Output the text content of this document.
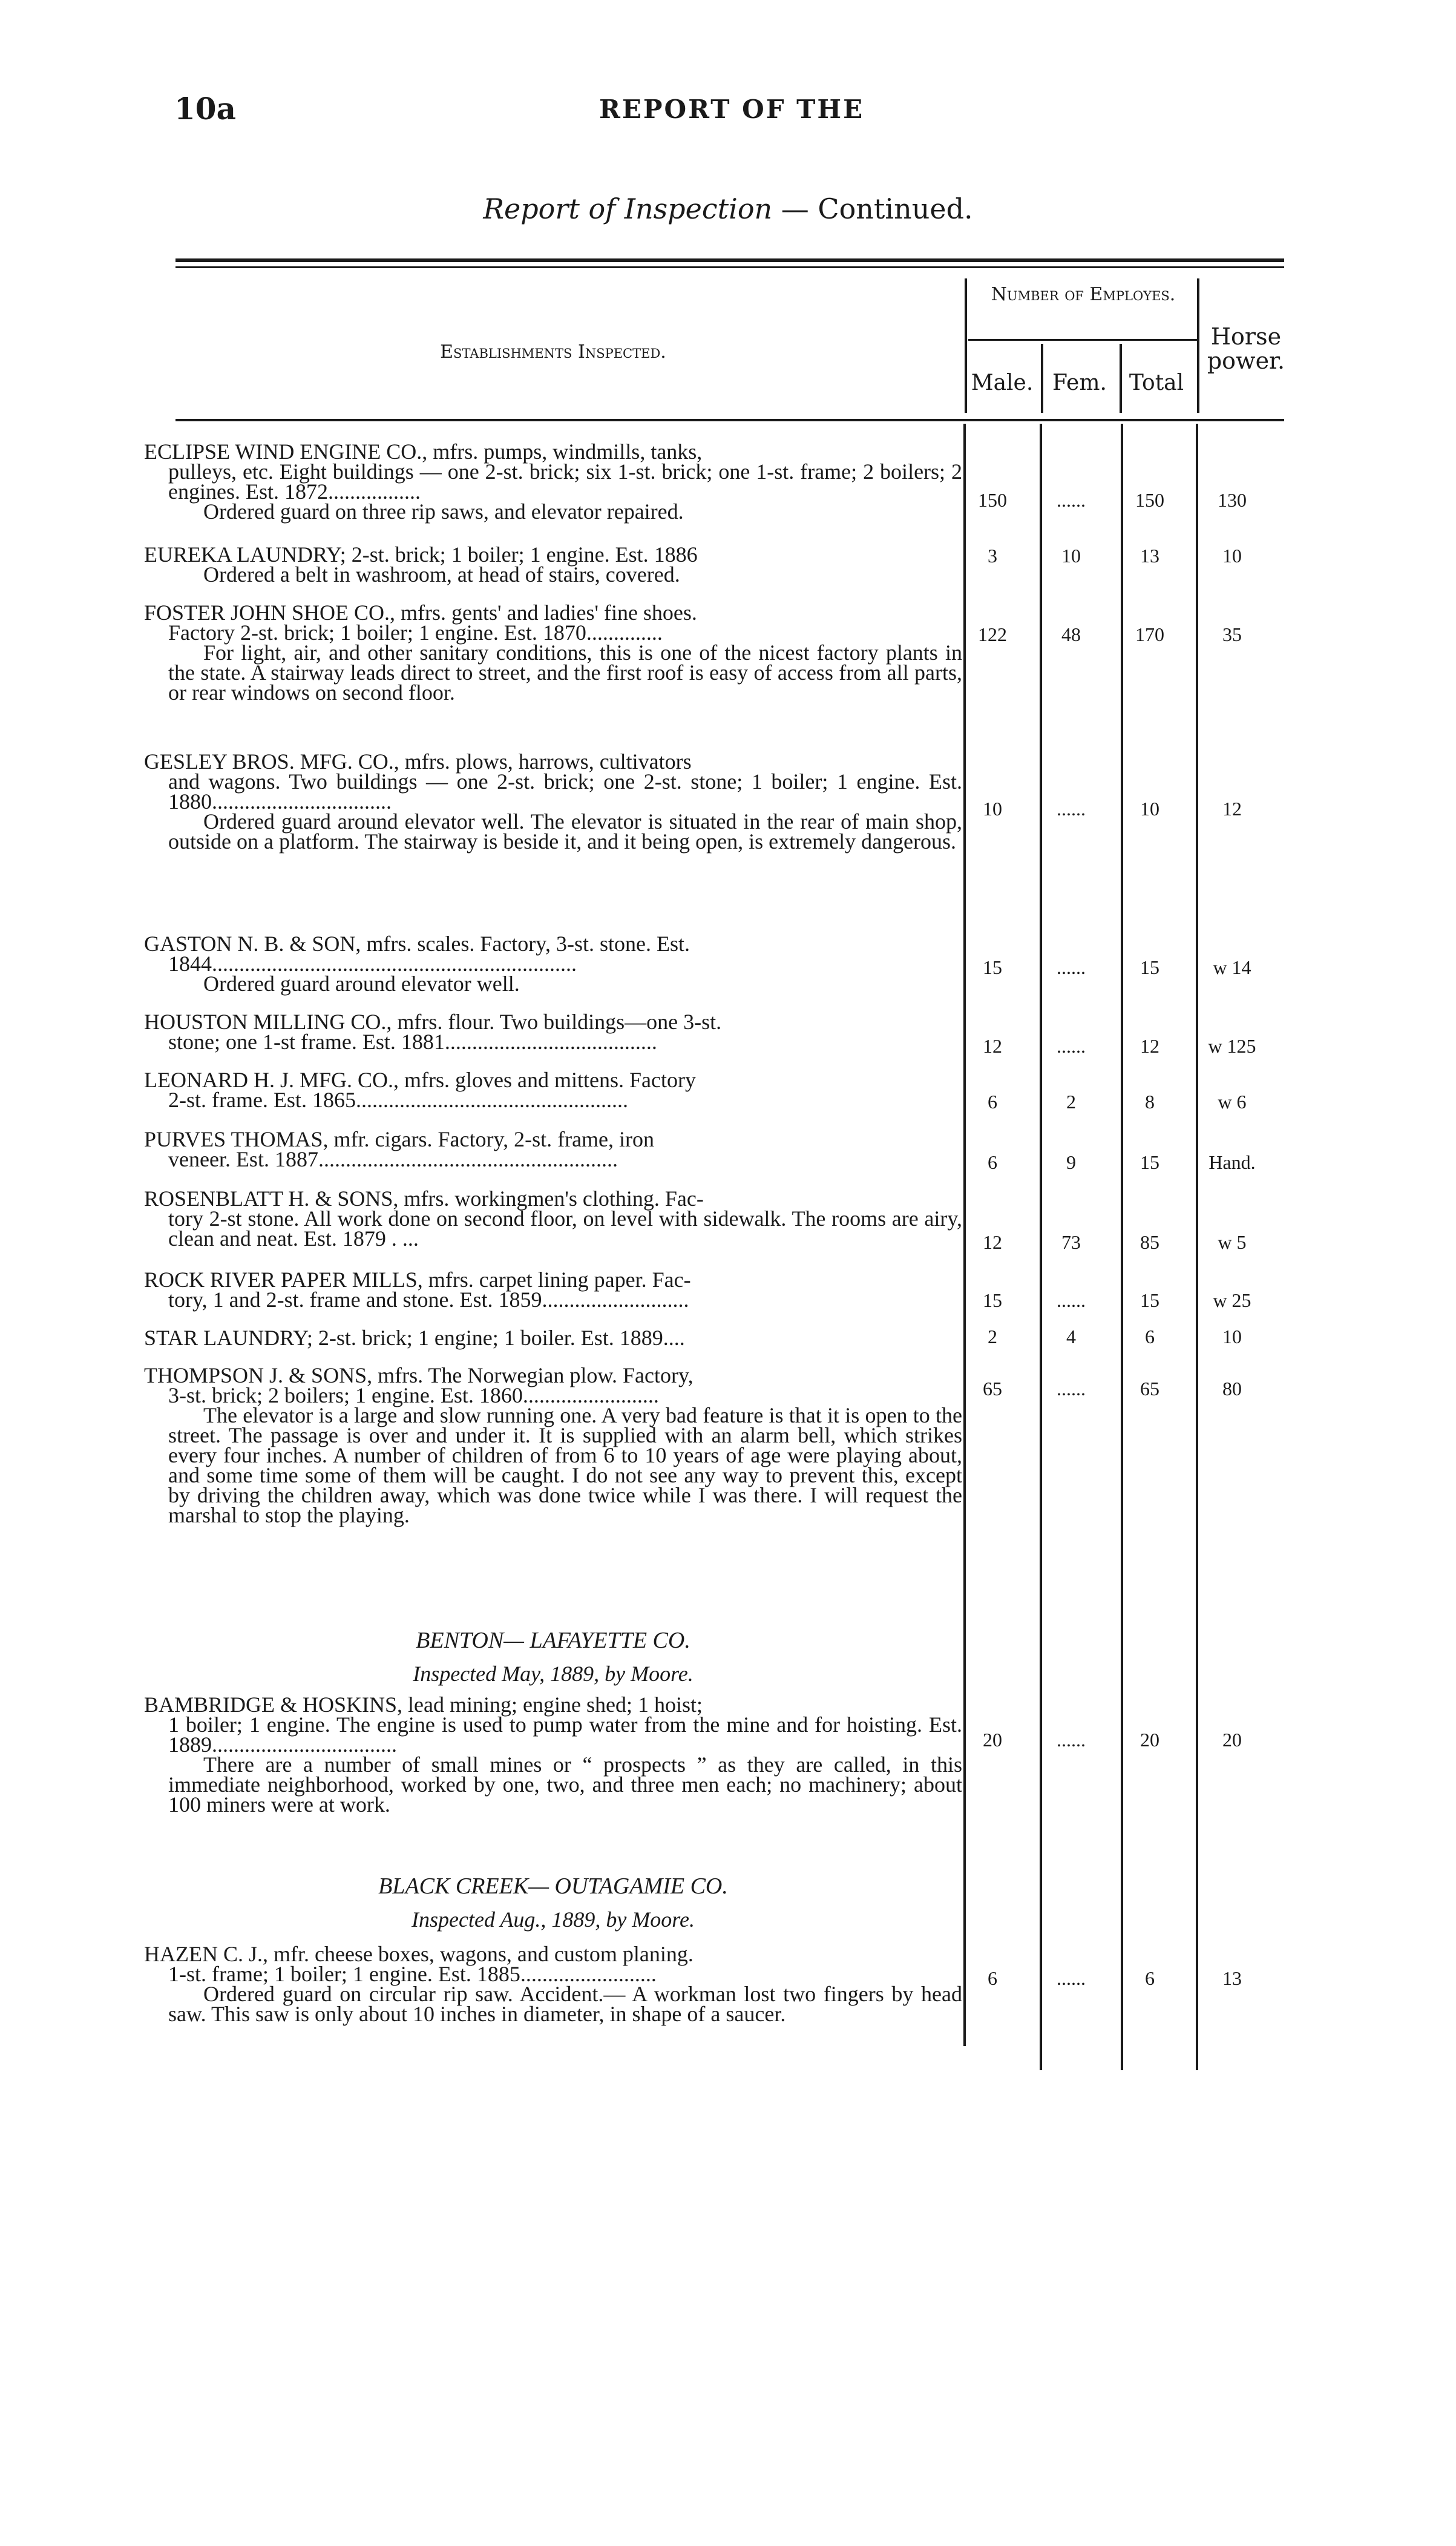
10a	REPORT OF THE
Report of Inspection — Continued.
Establishments Inspected.
Number of Employes.
Male. Fem.	Total
Horse power.
ECLIPSE WIND ENGINE CO., mfrs. pumps, windmills, tanks,
pulleys, etc. Eight buildings — one 2-st. brick; six 1-st. brick; one 1-st. frame; 2 boilers; 2 engines. Est. 1872.................
Ordered guard on three rip saws, and elevator repaired.	150	......	150	130
EUREKA LAUNDRY; 2-st. brick; 1 boiler; 1 engine. Est. 1886
Ordered a belt in washroom, at head of stairs, covered.
3	10	13	10
FOSTER JOHN SHOE CO., mfrs. gents' and ladies' fine shoes.
Factory 2-st. brick; 1 boiler; 1 engine. Est. 1870..............
For light, air, and other sanitary conditions, this is one of the nicest factory plants in the state. A stairway leads direct to street, and the first roof is easy of access from all parts, or rear windows on second floor.
122	48	170	35
GESLEY BROS. MFG. CO., mfrs. plows, harrows, cultivators
and wagons. Two buildings — one 2-st. brick; one 2-st. stone; 1 boiler; 1 engine. Est. 1880.................................
Ordered guard around elevator well. The elevator is situated in the rear of main shop, outside on a platform. The stairway is beside it, and it being open, is extremely dangerous.
10	......	10	12
GASTON N. B. & SON, mfrs. scales. Factory, 3-st. stone. Est.
1844...................................................................
Ordered guard around elevator well.
15	......	15	w 14
HOUSTON MILLING CO., mfrs. flour. Two buildings—one 3-st.
stone; one 1-st frame. Est. 1881.......................................	12	......	12	w 125
LEONARD H. J. MFG. CO., mfrs. gloves and mittens. Factory
2-st. frame. Est. 1865..................................................	6	2	8	w 6
PURVES THOMAS, mfr. cigars. Factory, 2-st. frame, iron
veneer. Est. 1887.......................................................	6	9	15	Hand.
ROSENBLATT H. & SONS, mfrs. workingmen's clothing. Fac-
tory 2-st stone. All work done on second floor, on level with sidewalk. The rooms are airy, clean and neat. Est. 1879 . ...	12	73	85	w 5
ROCK RIVER PAPER MILLS, mfrs. carpet lining paper. Fac-
tory, 1 and 2-st. frame and stone. Est. 1859...........................	15	......	15	w 25
STAR LAUNDRY; 2-st. brick; 1 engine; 1 boiler. Est. 1889....	2	4	6	10
THOMPSON J. & SONS, mfrs. The Norwegian plow. Factory,
3-st. brick; 2 boilers; 1 engine. Est. 1860.........................
The elevator is a large and slow running one. A very bad feature is that it is open to the street. The passage is over and under it. It is supplied with an alarm bell, which strikes every four inches. A number of children of from 6 to 10 years of age were playing about, and some time some of them will be caught. I do not see any way to prevent this, except by driving the children away, which was done twice while I was there. I will request the marshal to stop the playing.
65	......	65	80
BENTON— LAFAYETTE CO.
Inspected May, 1889, by Moore.
BAMBRIDGE & HOSKINS, lead mining; engine shed; 1 hoist;
1 boiler; 1 engine. The engine is used to pump water from the mine and for hoisting. Est. 1889..................................
There are a number of small mines or “ prospects ” as they are called, in this immediate neighborhood, worked by one, two, and three men each; no machinery; about 100 miners were at work.
20	......	20	20
BLACK CREEK— OUTAGAMIE CO.
Inspected Aug., 1889, by Moore.
HAZEN C. J., mfr. cheese boxes, wagons, and custom planing.
1-st. frame; 1 boiler; 1 engine. Est. 1885.........................
Ordered guard on circular rip saw. Accident.— A workman lost two fingers by head saw. This saw is only about 10 inches in diameter, in shape of a saucer.
6	......	6	13
